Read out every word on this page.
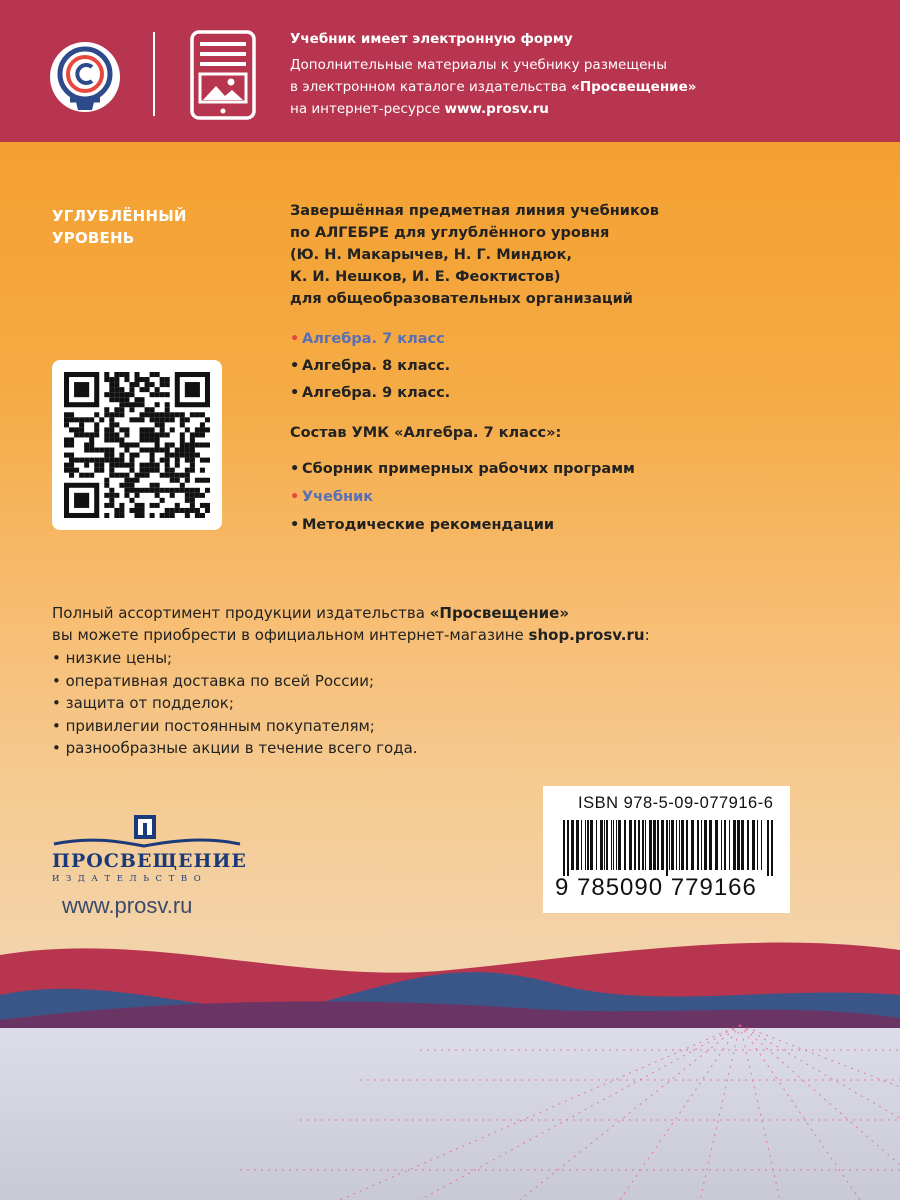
Учебник имеет электронную форму
Дополнительные материалы к учебнику размещены
в электронном каталоге издательства «Просвещение»
на интернет-ресурсе www.prosv.ru
УГЛУБЛЁННЫЙ
УРОВЕНЬ
Завершённая предметная линия учебников
по АЛГЕБРЕ для углублённого уровня
(Ю. Н. Макарычев, Н. Г. Миндюк,
К. И. Нешков, И. Е. Феоктистов)
для общеобразовательных организаций
• Алгебра. 7 класс
• Алгебра. 8 класс.
• Алгебра. 9 класс.
Состав УМК «Алгебра. 7 класс»:
• Сборник примерных рабочих программ
• Учебник
• Методические рекомендации
Полный ассортимент продукции издательства «Просвещение»
вы можете приобрести в официальном интернет-магазине shop.prosv.ru:
• низкие цены;
• оперативная доставка по всей России;
• защита от подделок;
• привилегии постоянным покупателям;
• разнообразные акции в течение всего года.
ISBN 978-5-09-077916-6
9 785090 779166
ПРОСВЕЩЕНИЕ
ИЗДАТЕЛЬСТВО
www.prosv.ru
